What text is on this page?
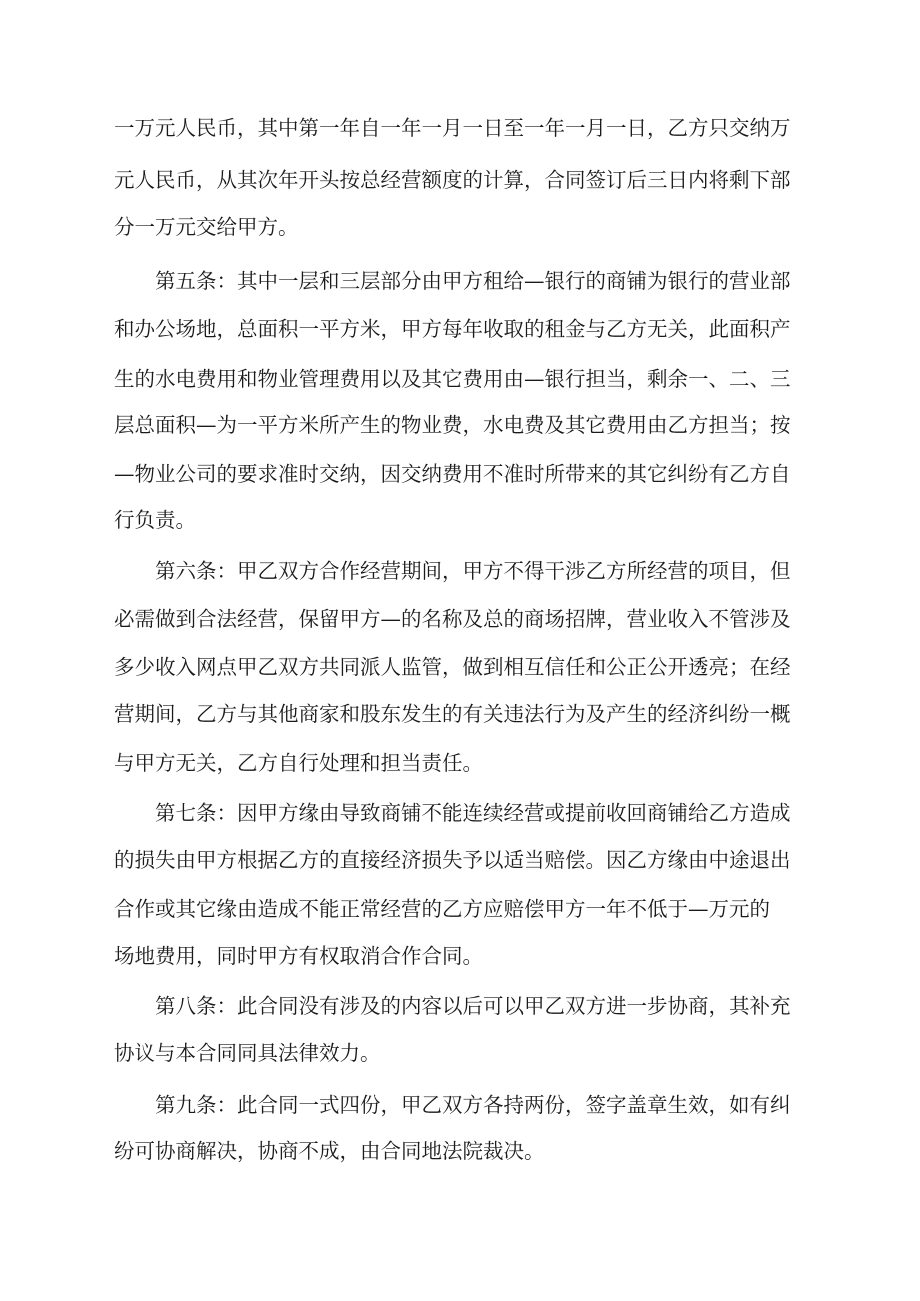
一万元人民币，其中第一年自一年一月一日至一年一月一日，乙方只交纳万
元人民币，从其次年开头按总经营额度的计算，合同签订后三日内将剩下部
分一万元交给甲方。
第五条：其中一层和三层部分由甲方租给—银行的商铺为银行的营业部
和办公场地，总面积一平方米，甲方每年收取的租金与乙方无关，此面积产
生的水电费用和物业管理费用以及其它费用由—银行担当，剩余一、二、三
层总面积—为一平方米所产生的物业费，水电费及其它费用由乙方担当；按
—物业公司的要求准时交纳，因交纳费用不准时所带来的其它纠纷有乙方自
行负责。
第六条：甲乙双方合作经营期间，甲方不得干涉乙方所经营的项目，但
必需做到合法经营，保留甲方—的名称及总的商场招牌，营业收入不管涉及
多少收入网点甲乙双方共同派人监管，做到相互信任和公正公开透亮；在经
营期间，乙方与其他商家和股东发生的有关违法行为及产生的经济纠纷一概
与甲方无关，乙方自行处理和担当责任。
第七条：因甲方缘由导致商铺不能连续经营或提前收回商铺给乙方造成
的损失由甲方根据乙方的直接经济损失予以适当赔偿。因乙方缘由中途退出
合作或其它缘由造成不能正常经营的乙方应赔偿甲方一年不低于—万元的
场地费用，同时甲方有权取消合作合同。
第八条：此合同没有涉及的内容以后可以甲乙双方进一步协商，其补充
协议与本合同同具法律效力。
第九条：此合同一式四份，甲乙双方各持两份，签字盖章生效，如有纠
纷可协商解决，协商不成，由合同地法院裁决。
